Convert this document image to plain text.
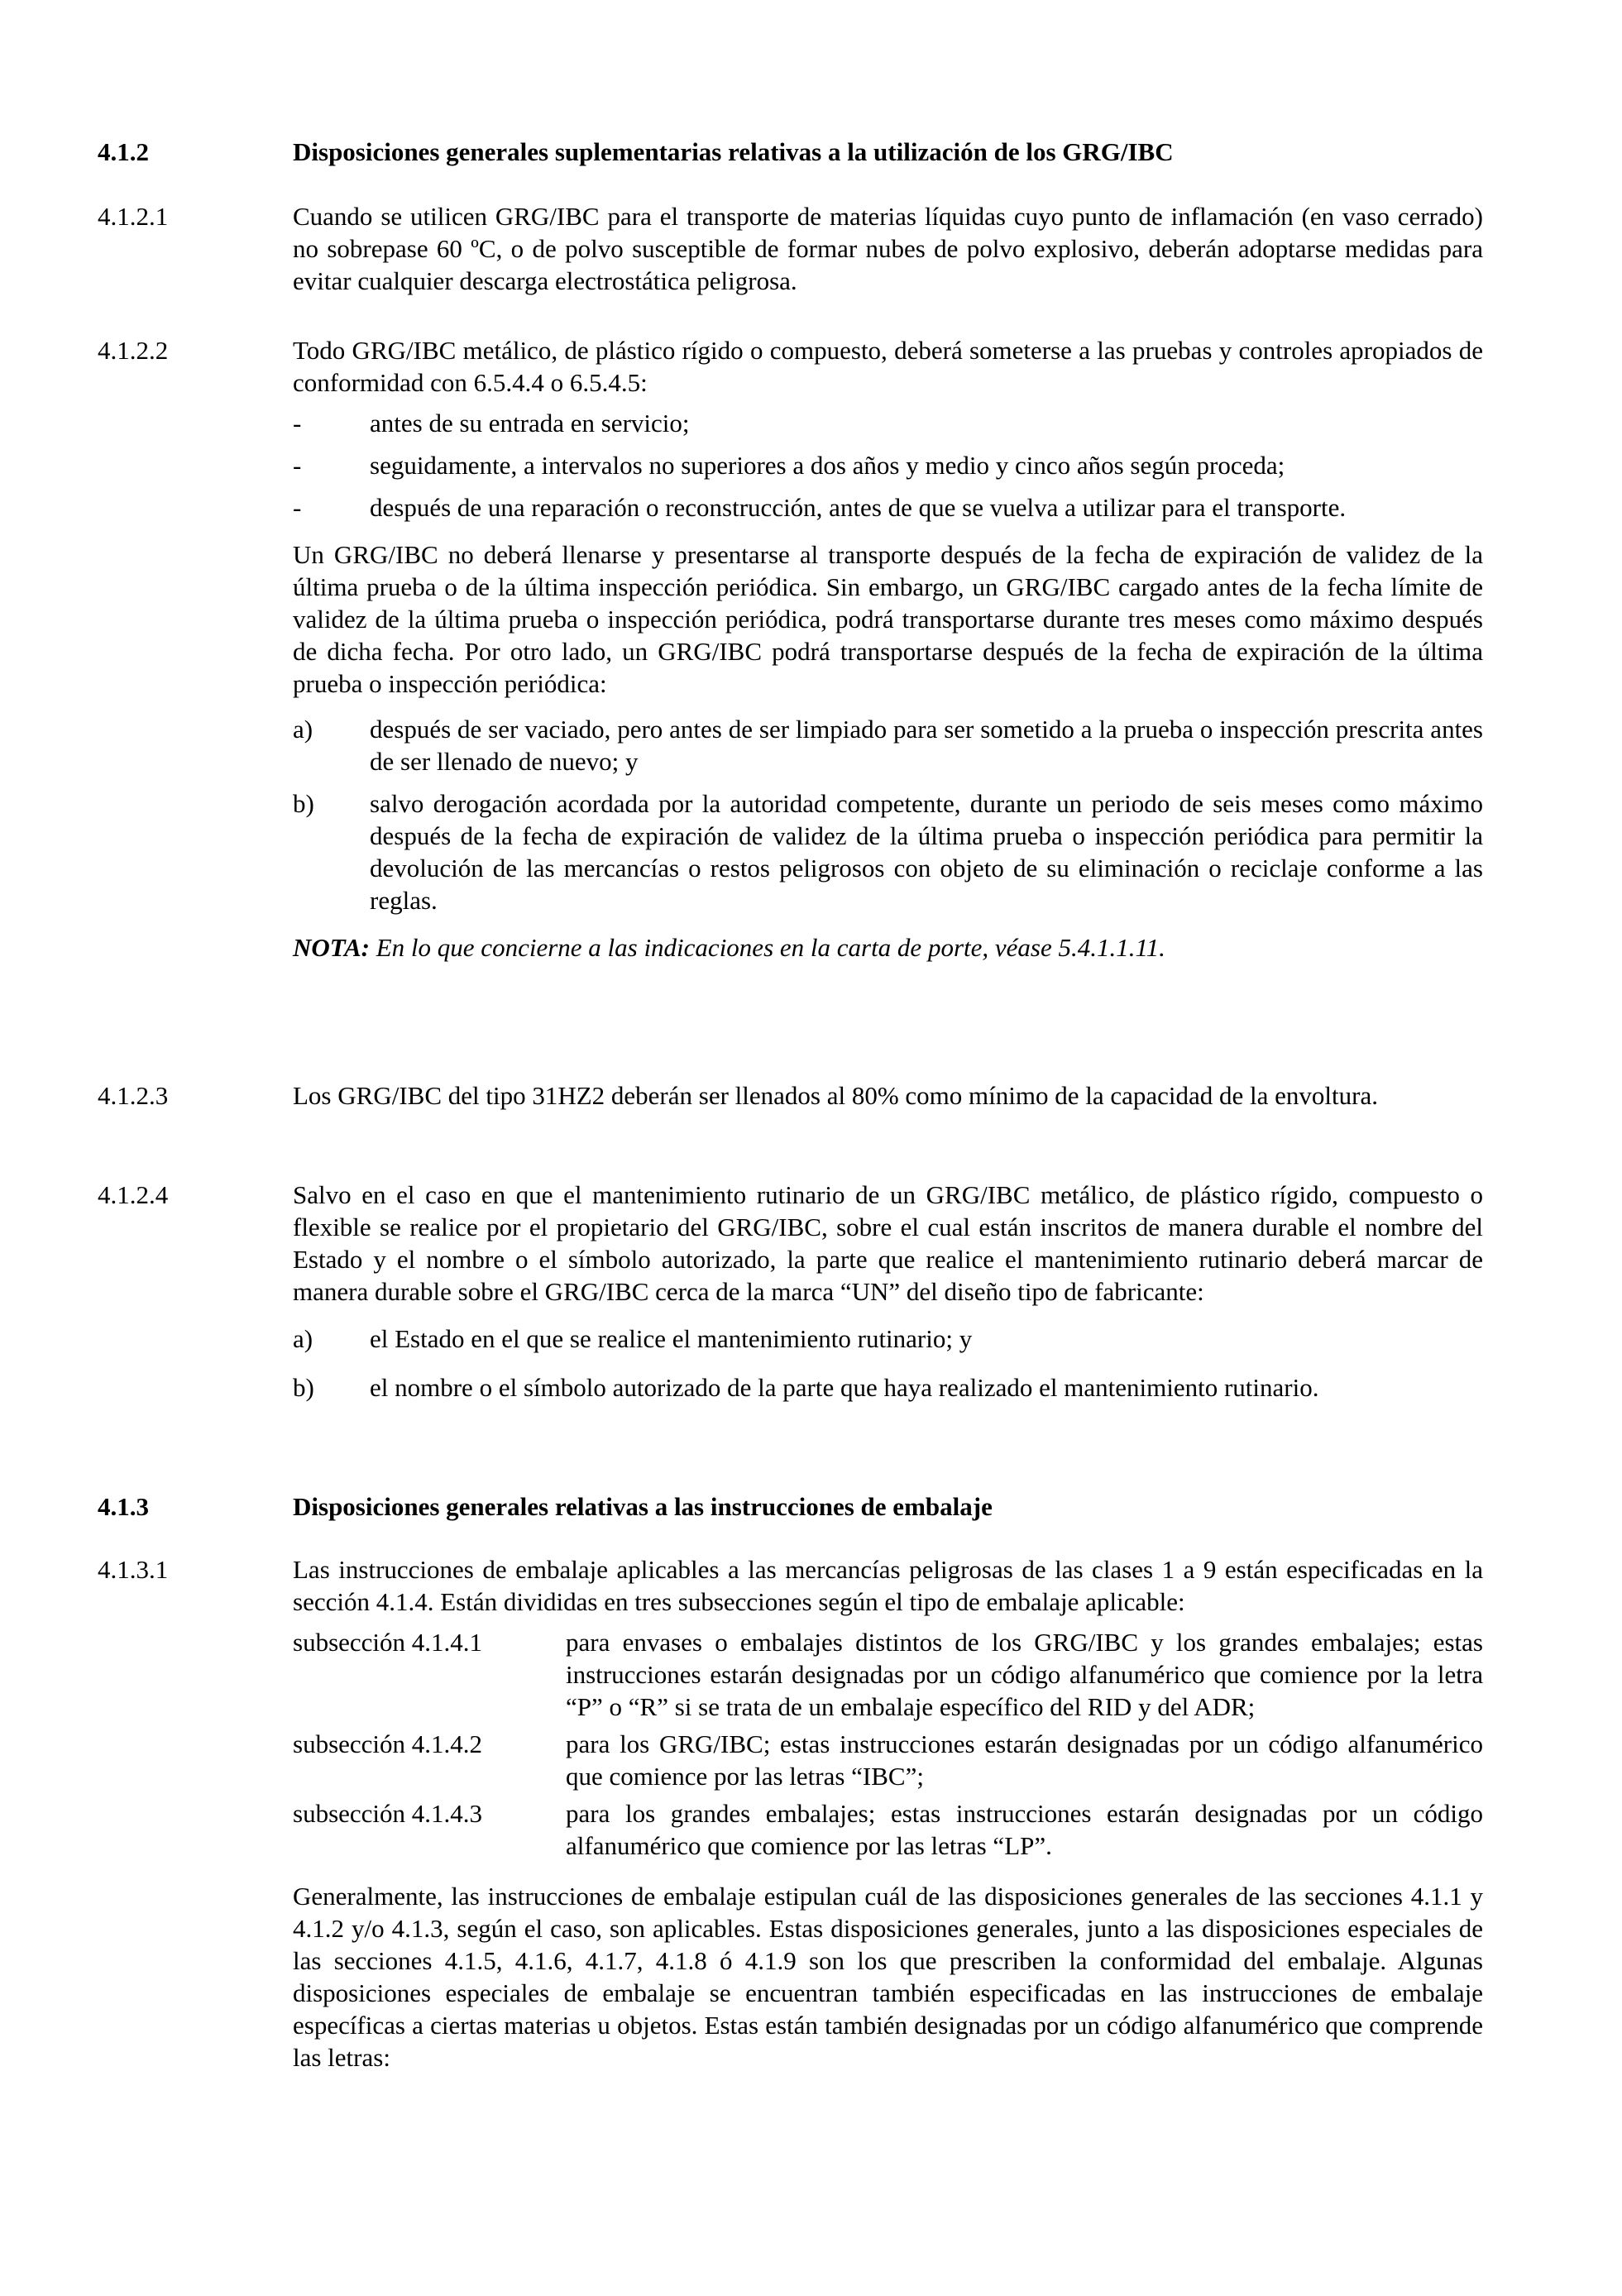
4.1.2	Disposiciones generales suplementarias relativas a la utilización de los GRG/IBC

4.1.2.1	Cuando se utilicen GRG/IBC para el transporte de materias líquidas cuyo punto de inflamación (en vaso cerrado) no sobrepase 60 ºC, o de polvo susceptible de formar nubes de polvo explosivo, deberán adoptarse medidas para evitar cualquier descarga electrostática peligrosa.

4.1.2.2	Todo GRG/IBC metálico, de plástico rígido o compuesto, deberá someterse a las pruebas y controles apropiados de conformidad con 6.5.4.4 o 6.5.4.5:

-	antes de su entrada en servicio;

-	seguidamente, a intervalos no superiores a dos años y medio y cinco años según proceda;

-	después de una reparación o reconstrucción, antes de que se vuelva a utilizar para el transporte.

Un GRG/IBC no deberá llenarse y presentarse al transporte después de la fecha de expiración de validez de la última prueba o de la última inspección periódica. Sin embargo, un GRG/IBC cargado antes de la fecha límite de validez de la última prueba o inspección periódica, podrá transportarse durante tres meses como máximo después de dicha fecha. Por otro lado, un GRG/IBC podrá transportarse después de la fecha de expiración de la última prueba o inspección periódica:

a) después de ser vaciado, pero antes de ser limpiado para ser sometido a la prueba o inspección prescrita antes de ser llenado de nuevo; y

b) salvo derogación acordada por la autoridad competente, durante un periodo de seis meses como máximo después de la fecha de expiración de validez de la última prueba o inspección periódica para permitir la devolución de las mercancías o restos peligrosos con objeto de su eliminación o reciclaje conforme a las reglas.

NOTA: En lo que concierne a las indicaciones en la carta de porte, véase 5.4.1.1.11.

4.1.2.3	Los GRG/IBC del tipo 31HZ2 deberán ser llenados al 80% como mínimo de la capacidad de la envoltura.

4.1.2.4	Salvo en el caso en que el mantenimiento rutinario de un GRG/IBC metálico, de plástico rígido, compuesto o flexible se realice por el propietario del GRG/IBC, sobre el cual están inscritos de manera durable el nombre del Estado y el nombre o el símbolo autorizado, la parte que realice el mantenimiento rutinario deberá marcar de manera durable sobre el GRG/IBC cerca de la marca “UN” del diseño tipo de fabricante:

a) el Estado en el que se realice el mantenimiento rutinario; y

b) el nombre o el símbolo autorizado de la parte que haya realizado el mantenimiento rutinario.

4.1.3	Disposiciones generales relativas a las instrucciones de embalaje

4.1.3.1	Las instrucciones de embalaje aplicables a las mercancías peligrosas de las clases 1 a 9 están especificadas en la sección 4.1.4. Están divididas en tres subsecciones según el tipo de embalaje aplicable:

subsección 4.1.4.1	para envases o embalajes distintos de los GRG/IBC y los grandes embalajes; estas instrucciones estarán designadas por un código alfanumérico que comience por la letra “P” o “R” si se trata de un embalaje específico del RID y del ADR;

subsección 4.1.4.2	para los GRG/IBC; estas instrucciones estarán designadas por un código alfanumérico que comience por las letras “IBC”;

subsección 4.1.4.3	para los grandes embalajes; estas instrucciones estarán designadas por un código alfanumérico que comience por las letras “LP”.

Generalmente, las instrucciones de embalaje estipulan cuál de las disposiciones generales de las secciones 4.1.1 y 4.1.2 y/o 4.1.3, según el caso, son aplicables. Estas disposiciones generales, junto a las disposiciones especiales de las secciones 4.1.5, 4.1.6, 4.1.7, 4.1.8 ó 4.1.9 son los que prescriben la conformidad del embalaje. Algunas disposiciones especiales de embalaje se encuentran también especificadas en las instrucciones de embalaje específicas a ciertas materias u objetos. Estas están también designadas por un código alfanumérico que comprende las letras:
